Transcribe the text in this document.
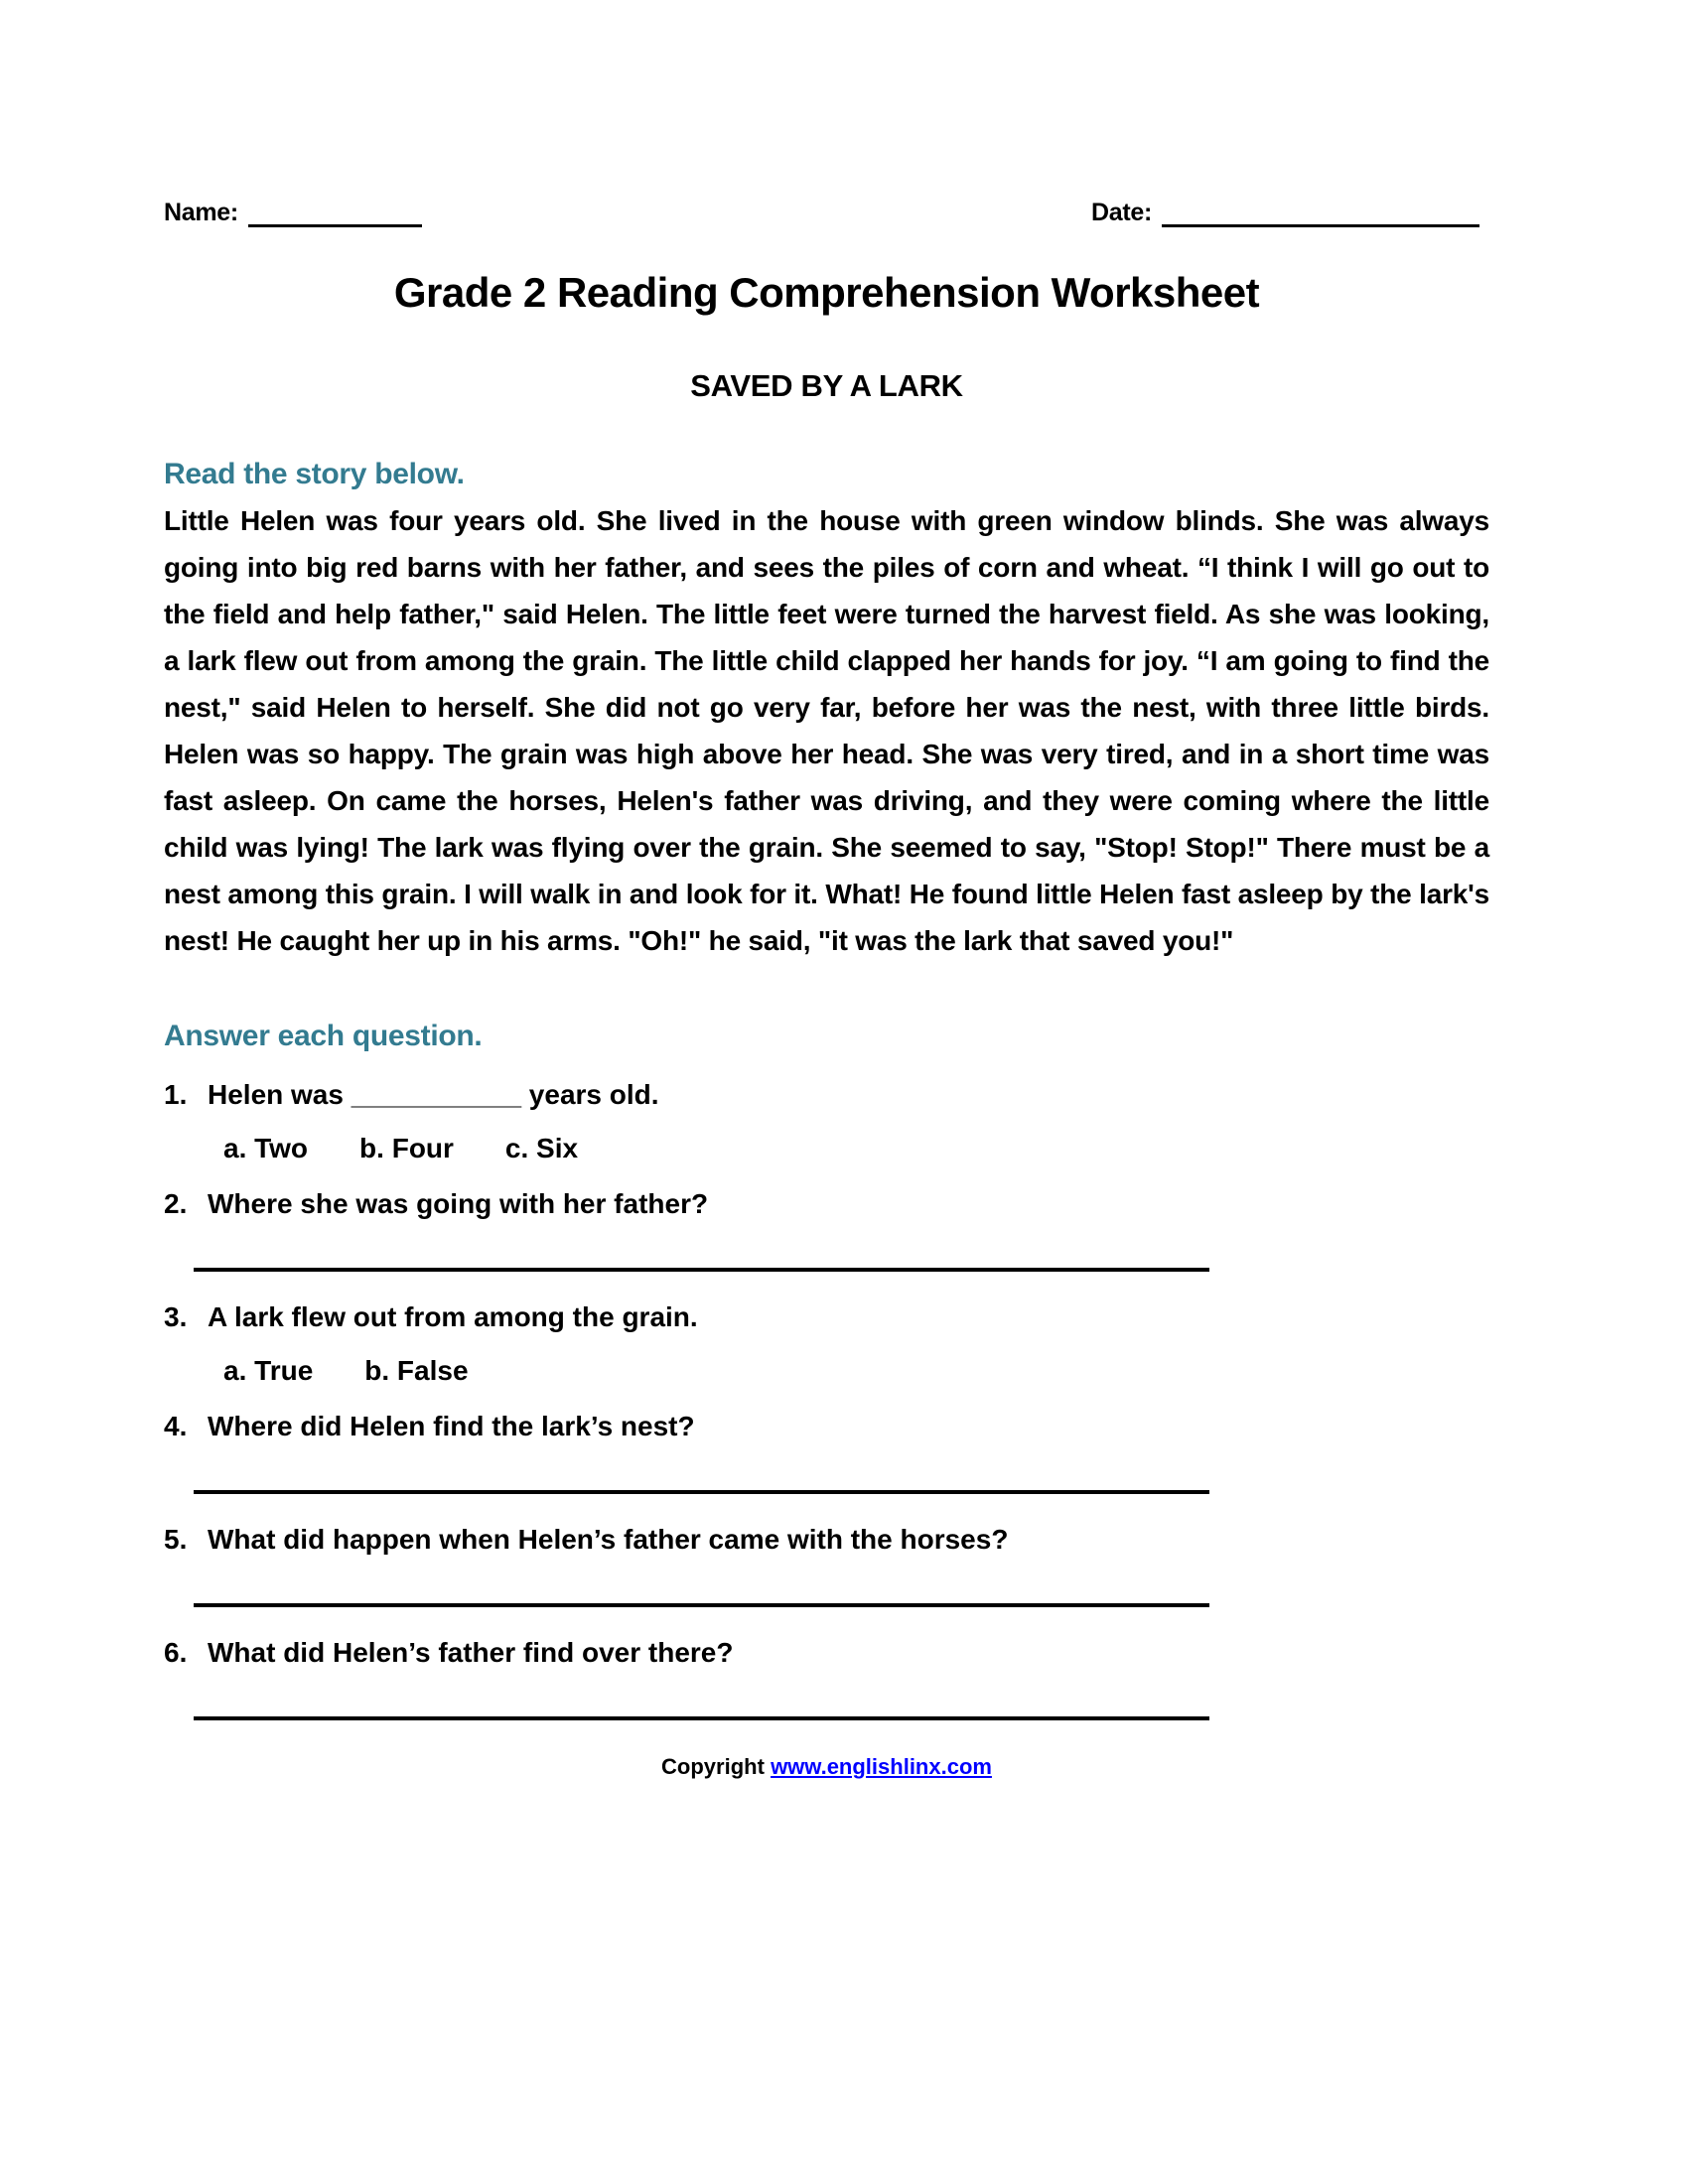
Name:	Date:
Grade 2 Reading Comprehension Worksheet
SAVED BY A LARK
Read the story below.
Little Helen was four years old. She lived in the house with green window blinds. She was always going into big red barns with her father, and sees the piles of corn and wheat. “I think I will go out to the field and help father," said Helen. The little feet were turned the harvest field. As she was looking, a lark flew out from among the grain. The little child clapped her hands for joy. “I am going to find the nest," said Helen to herself. She did not go very far, before her was the nest, with three little birds. Helen was so happy. The grain was high above her head. She was very tired, and in a short time was fast asleep. On came the horses, Helen's father was driving, and they were coming where the little child was lying! The lark was flying over the grain. She seemed to say, "Stop! Stop!" There must be a nest among this grain. I will walk in and look for it. What! He found little Helen fast asleep by the lark's nest! He caught her up in his arms. "Oh!" he said, "it was the lark that saved you!"
Answer each question.
1. Helen was ___________ years old.
a. Two b. Four c. Six
2. Where she was going with her father?
3. A lark flew out from among the grain.
a. True b. False
4. Where did Helen find the lark’s nest?
5. What did happen when Helen’s father came with the horses?
6. What did Helen’s father find over there?
Copyright www.englishlinx.com
